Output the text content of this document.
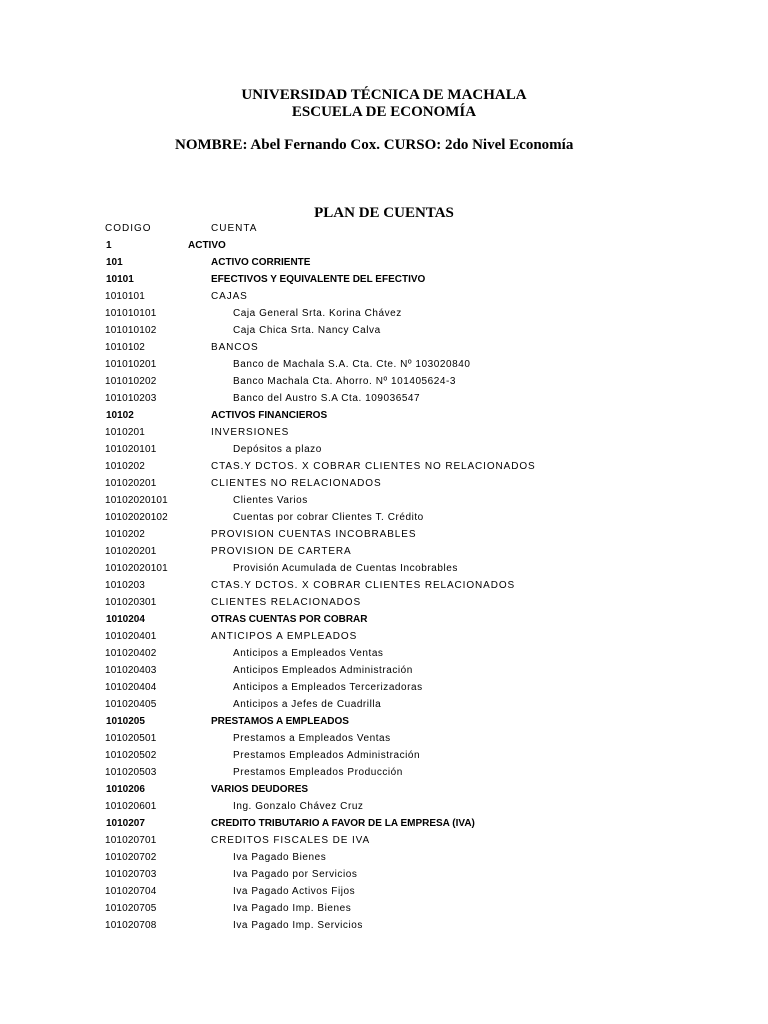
UNIVERSIDAD TÉCNICA DE MACHALA
ESCUELA DE ECONOMÍA
NOMBRE: Abel Fernando Cox. CURSO: 2do Nivel Economía
PLAN DE CUENTAS
CODIGO	CUENTA
1	ACTIVO
101	ACTIVO CORRIENTE
10101	EFECTIVOS Y EQUIVALENTE DEL EFECTIVO
1010101	CAJAS
101010101	Caja General Srta. Korina Chávez
101010102	Caja Chica Srta. Nancy Calva
1010102	BANCOS
101010201	Banco de Machala S.A. Cta. Cte. Nº 103020840
101010202	Banco Machala Cta. Ahorro. Nº 101405624-3
101010203	Banco del Austro S.A Cta. 109036547
10102	ACTIVOS FINANCIEROS
1010201	INVERSIONES
101020101	Depósitos a plazo
1010202	CTAS.Y DCTOS. X COBRAR CLIENTES NO RELACIONADOS
101020201	CLIENTES NO RELACIONADOS
10102020101	Clientes Varios
10102020102	Cuentas por cobrar Clientes T. Crédito
1010202	PROVISION CUENTAS INCOBRABLES
101020201	PROVISION DE CARTERA
10102020101	Provisión Acumulada de Cuentas Incobrables
1010203	CTAS.Y DCTOS. X COBRAR CLIENTES RELACIONADOS
101020301	CLIENTES RELACIONADOS
1010204	OTRAS CUENTAS POR COBRAR
101020401	ANTICIPOS A EMPLEADOS
101020402	Anticipos a Empleados Ventas
101020403	Anticipos Empleados Administración
101020404	Anticipos a Empleados Tercerizadoras
101020405	Anticipos a Jefes de Cuadrilla
1010205	PRESTAMOS A EMPLEADOS
101020501	Prestamos a Empleados Ventas
101020502	Prestamos Empleados Administración
101020503	Prestamos Empleados Producción
1010206	VARIOS DEUDORES
101020601	Ing. Gonzalo Chávez Cruz
1010207	CREDITO TRIBUTARIO A FAVOR DE LA EMPRESA (IVA)
101020701	CREDITOS FISCALES DE IVA
101020702	Iva Pagado Bienes
101020703	Iva Pagado por Servicios
101020704	Iva Pagado Activos Fijos
101020705	Iva Pagado Imp. Bienes
101020708	Iva Pagado Imp. Servicios
